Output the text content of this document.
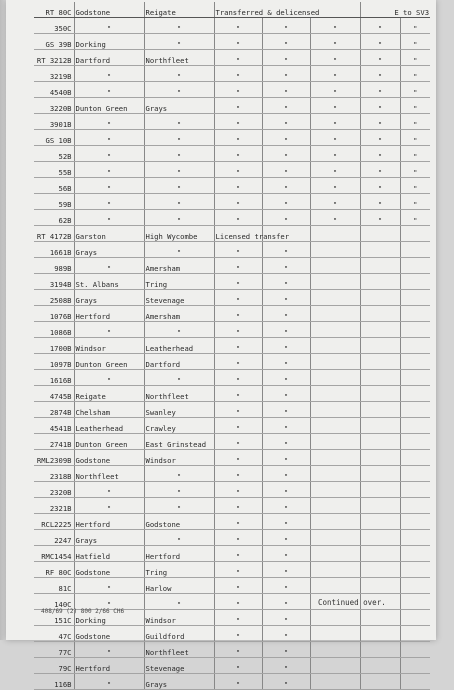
RT 80C	Godstone	Reigate	Transferred & delicensed			E to SV3	
350C	"	"	"	"	"	"	"
GS 39B	Dorking	"	"	"	"	"	"
RT 3212B	Dartford	Northfleet	"	"	"	"	"
3219B	"	"	"	"	"	"	"
4540B	"	"	"	"	"	"	"
3220B	Dunton Green	Grays	"	"	"	"	"
3901B	"	"	"	"	"	"	"
GS 10B	"	"	"	"	"	"	"
52B	"	"	"	"	"	"	"
55B	"	"	"	"	"	"	"
56B	"	"	"	"	"	"	"
59B	"	"	"	"	"	"	"
62B	"	"	"	"	"	"	"
RT 4172B	Garston	High Wycombe	Licensed transfer				
1661B	Grays	"	"	"			
989B	"	Amersham	"	"			
3194B	St. Albans	Tring	"	"			
2508B	Grays	Stevenage	"	"			
1076B	Hertford	Amersham	"	"			
1086B	"	"	"	"			
1700B	Windsor	Leatherhead	"	"			
1097B	Dunton Green	Dartford	"	"			
1616B	"	"	"	"			
4745B	Reigate	Northfleet	"	"			
2874B	Chelsham	Swanley	"	"			
4541B	Leatherhead	Crawley	"	"			
2741B	Dunton Green	East Grinstead	"	"			
RML2309B	Godstone	Windsor	"	"			
2318B	Northfleet	"	"	"			
2320B	"	"	"	"			
2321B	"	"	"	"			
RCL2225	Hertford	Godstone	"	"			
2247	Grays	"	"	"			
RMC1454	Hatfield	Hertford	"	"			
RF 80C	Godstone	Tring	"	"			
81C	"	Harlow	"	"			
140C	"	"	"	"			
151C	Dorking	Windsor	"	"			
47C	Godstone	Guildford	"	"			
77C	"	Northfleet	"	"			
79C	Hertford	Stevenage	"	"			
116B	"	Grays	"	"			
408/69 (2) 800 2/66 CH6
Continued over.
